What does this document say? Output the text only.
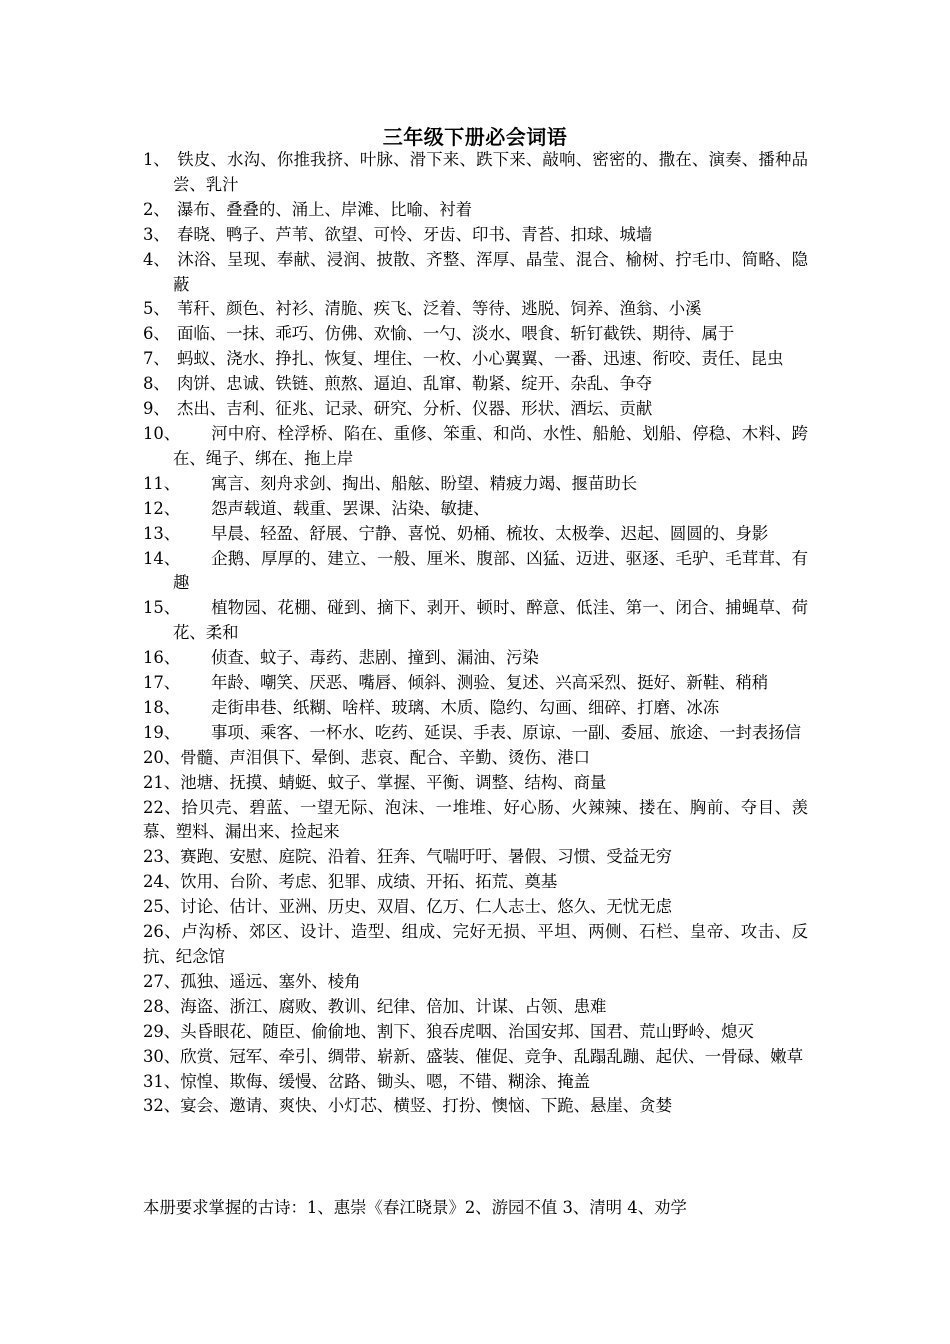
三年级下册必会词语
1、 铁皮、水沟、你推我挤、叶脉、滑下来、跌下来、敲响、密密的、撒在、演奏、播种品尝、乳汁
2、 瀑布、叠叠的、涌上、岸滩、比喻、衬着
3、 春晓、鸭子、芦苇、欲望、可怜、牙齿、印书、青苔、扣球、城墙
4、 沐浴、呈现、奉献、浸润、披散、齐整、浑厚、晶莹、混合、榆树、拧毛巾、简略、隐蔽
5、 苇秆、颜色、衬衫、清脆、疾飞、泛着、等待、逃脱、饲养、渔翁、小溪
6、 面临、一抹、乖巧、仿佛、欢愉、一勺、淡水、喂食、斩钉截铁、期待、属于
7、 蚂蚁、浇水、挣扎、恢复、埋住、一枚、小心翼翼、一番、迅速、衔咬、责任、昆虫
8、 肉饼、忠诚、铁链、煎熬、逼迫、乱窜、勒紧、绽开、杂乱、争夺
9、 杰出、吉利、征兆、记录、研究、分析、仪器、形状、酒坛、贡献
10、 河中府、栓浮桥、陷在、重修、笨重、和尚、水性、船舱、划船、停稳、木料、跨在、绳子、绑在、拖上岸
11、 寓言、刻舟求剑、掏出、船舷、盼望、精疲力竭、揠苗助长
12、 怨声载道、载重、罢课、沾染、敏捷、
13、 早晨、轻盈、舒展、宁静、喜悦、奶桶、梳妆、太极拳、迟起、圆圆的、身影
14、 企鹅、厚厚的、建立、一般、厘米、腹部、凶猛、迈进、驱逐、毛驴、毛茸茸、有趣
15、 植物园、花棚、碰到、摘下、剥开、顿时、醉意、低洼、第一、闭合、捕蝇草、荷花、柔和
16、 侦查、蚊子、毒药、悲剧、撞到、漏油、污染
17、 年龄、嘲笑、厌恶、嘴唇、倾斜、测验、复述、兴高采烈、挺好、新鞋、稍稍
18、 走街串巷、纸糊、啥样、玻璃、木质、隐约、勾画、细碎、打磨、冰冻
19、 事项、乘客、一杯水、吃药、延误、手表、原谅、一副、委屈、旅途、一封表扬信
20、骨髓、声泪俱下、晕倒、悲哀、配合、辛勤、烫伤、港口
21、池塘、抚摸、蜻蜓、蚊子、掌握、平衡、调整、结构、商量
22、拾贝壳、碧蓝、一望无际、泡沫、一堆堆、好心肠、火辣辣、搂在、胸前、夺目、羡慕、塑料、漏出来、捡起来
23、赛跑、安慰、庭院、沿着、狂奔、气喘吁吁、暑假、习惯、受益无穷
24、饮用、台阶、考虑、犯罪、成绩、开拓、拓荒、奠基
25、讨论、估计、亚洲、历史、双眉、亿万、仁人志士、悠久、无忧无虑
26、卢沟桥、郊区、设计、造型、组成、完好无损、平坦、两侧、石栏、皇帝、攻击、反抗、纪念馆
27、孤独、遥远、塞外、棱角
28、海盗、浙江、腐败、教训、纪律、倍加、计谋、占领、患难
29、头昏眼花、随臣、偷偷地、割下、狼吞虎咽、治国安邦、国君、荒山野岭、熄灭
30、欣赏、冠军、牵引、绸带、崭新、盛装、催促、竞争、乱蹋乱蹦、起伏、一骨碌、嫩草
31、惊惶、欺侮、缓慢、岔路、锄头、嗯，不错、糊涂、掩盖
32、宴会、邀请、爽快、小灯芯、横竖、打扮、懊恼、下跪、悬崖、贪婪
本册要求掌握的古诗：1、惠崇《春江晓景》2、游园不值 3、清明 4、劝学
